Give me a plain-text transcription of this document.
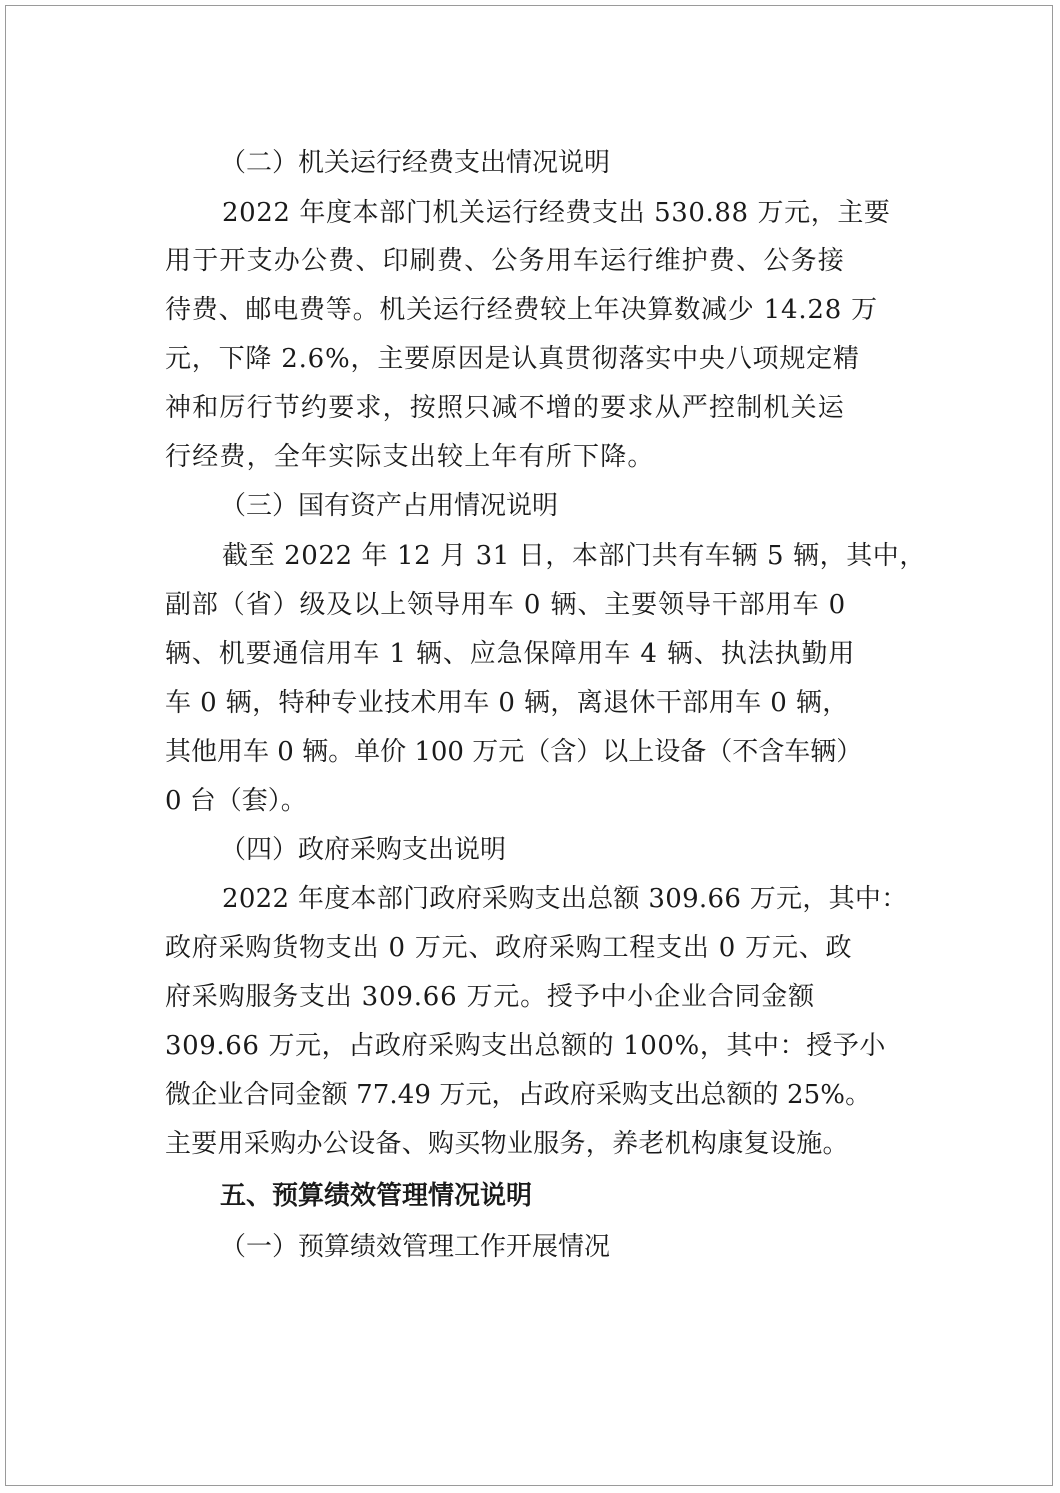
（二）机关运行经费支出情况说明

2022 年度本部门机关运行经费支出 530.88 万元，主要

用于开支办公费、印刷费、公务用车运行维护费、公务接

待费、邮电费等。机关运行经费较上年决算数减少 14.28 万

元，下降 2.6%，主要原因是认真贯彻落实中央八项规定精

神和厉行节约要求，按照只减不增的要求从严控制机关运

行经费，全年实际支出较上年有所下降。

（三）国有资产占用情况说明

截至 2022 年 12 月 31 日，本部门共有车辆 5 辆，其中，

副部（省）级及以上领导用车 0 辆、主要领导干部用车 0

辆、机要通信用车 1 辆、应急保障用车 4 辆、执法执勤用

车 0 辆，特种专业技术用车 0 辆，离退休干部用车 0 辆，

其他用车 0 辆。单价 100 万元（含）以上设备（不含车辆）

0 台（套）。

（四）政府采购支出说明

2022 年度本部门政府采购支出总额 309.66 万元，其中：

政府采购货物支出 0 万元、政府采购工程支出 0 万元、政

府采购服务支出 309.66 万元。授予中小企业合同金额

309.66 万元，占政府采购支出总额的 100%，其中：授予小

微企业合同金额 77.49 万元，占政府采购支出总额的 25%。

主要用采购办公设备、购买物业服务，养老机构康复设施。

五、预算绩效管理情况说明

（一）预算绩效管理工作开展情况
